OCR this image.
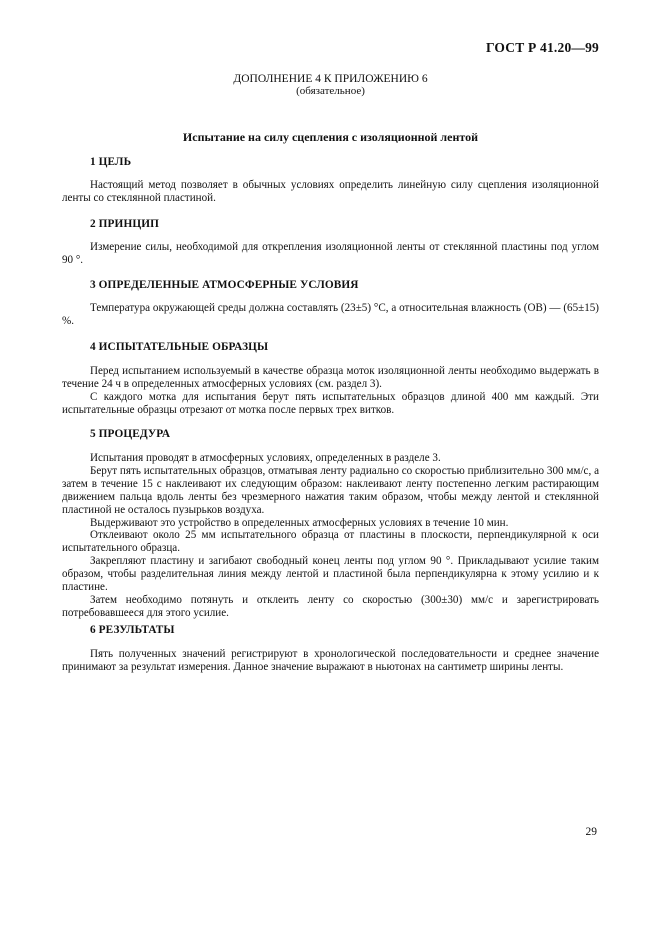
ГОСТ Р 41.20—99
ДОПОЛНЕНИЕ 4 К ПРИЛОЖЕНИЮ 6
(обязательное)
Испытание на силу сцепления с изоляционной лентой
1 ЦЕЛЬ

Настоящий метод позволяет в обычных условиях определить линейную силу сцепления изоляционной ленты со стеклянной пластиной.

2 ПРИНЦИП

Измерение силы, необходимой для открепления изоляционной ленты от стеклянной пластины под углом 90 °.

3 ОПРЕДЕЛЕННЫЕ АТМОСФЕРНЫЕ УСЛОВИЯ

Температура окружающей среды должна составлять (23±5) °С, а относительная влажность (ОВ) — (65±15) %.

4 ИСПЫТАТЕЛЬНЫЕ ОБРАЗЦЫ

Перед испытанием используемый в качестве образца моток изоляционной ленты необходимо выдержать в течение 24 ч в определенных атмосферных условиях (см. раздел 3).

С каждого мотка для испытания берут пять испытательных образцов длиной 400 мм каждый. Эти испытательные образцы отрезают от мотка после первых трех витков.

5 ПРОЦЕДУРА

Испытания проводят в атмосферных условиях, определенных в разделе 3.

Берут пять испытательных образцов, отматывая ленту радиально со скоростью приблизительно 300 мм/с, а затем в течение 15 с наклеивают их следующим образом: наклеивают ленту постепенно легким растирающим движением пальца вдоль ленты без чрезмерного нажатия таким образом, чтобы между лентой и стеклянной пластиной не осталось пузырьков воздуха.

Выдерживают это устройство в определенных атмосферных условиях в течение 10 мин.

Отклеивают около 25 мм испытательного образца от пластины в плоскости, перпендикулярной к оси испытательного образца.

Закрепляют пластину и загибают свободный конец ленты под углом 90 °. Прикладывают усилие таким образом, чтобы разделительная линия между лентой и пластиной была перпендикулярна к этому усилию и к пластине.

Затем необходимо потянуть и отклеить ленту со скоростью (300±30) мм/с и зарегистрировать потребовавшееся для этого усилие.

6 РЕЗУЛЬТАТЫ

Пять полученных значений регистрируют в хронологической последовательности и среднее значение принимают за результат измерения. Данное значение выражают в ньютонах на сантиметр ширины ленты.

29
